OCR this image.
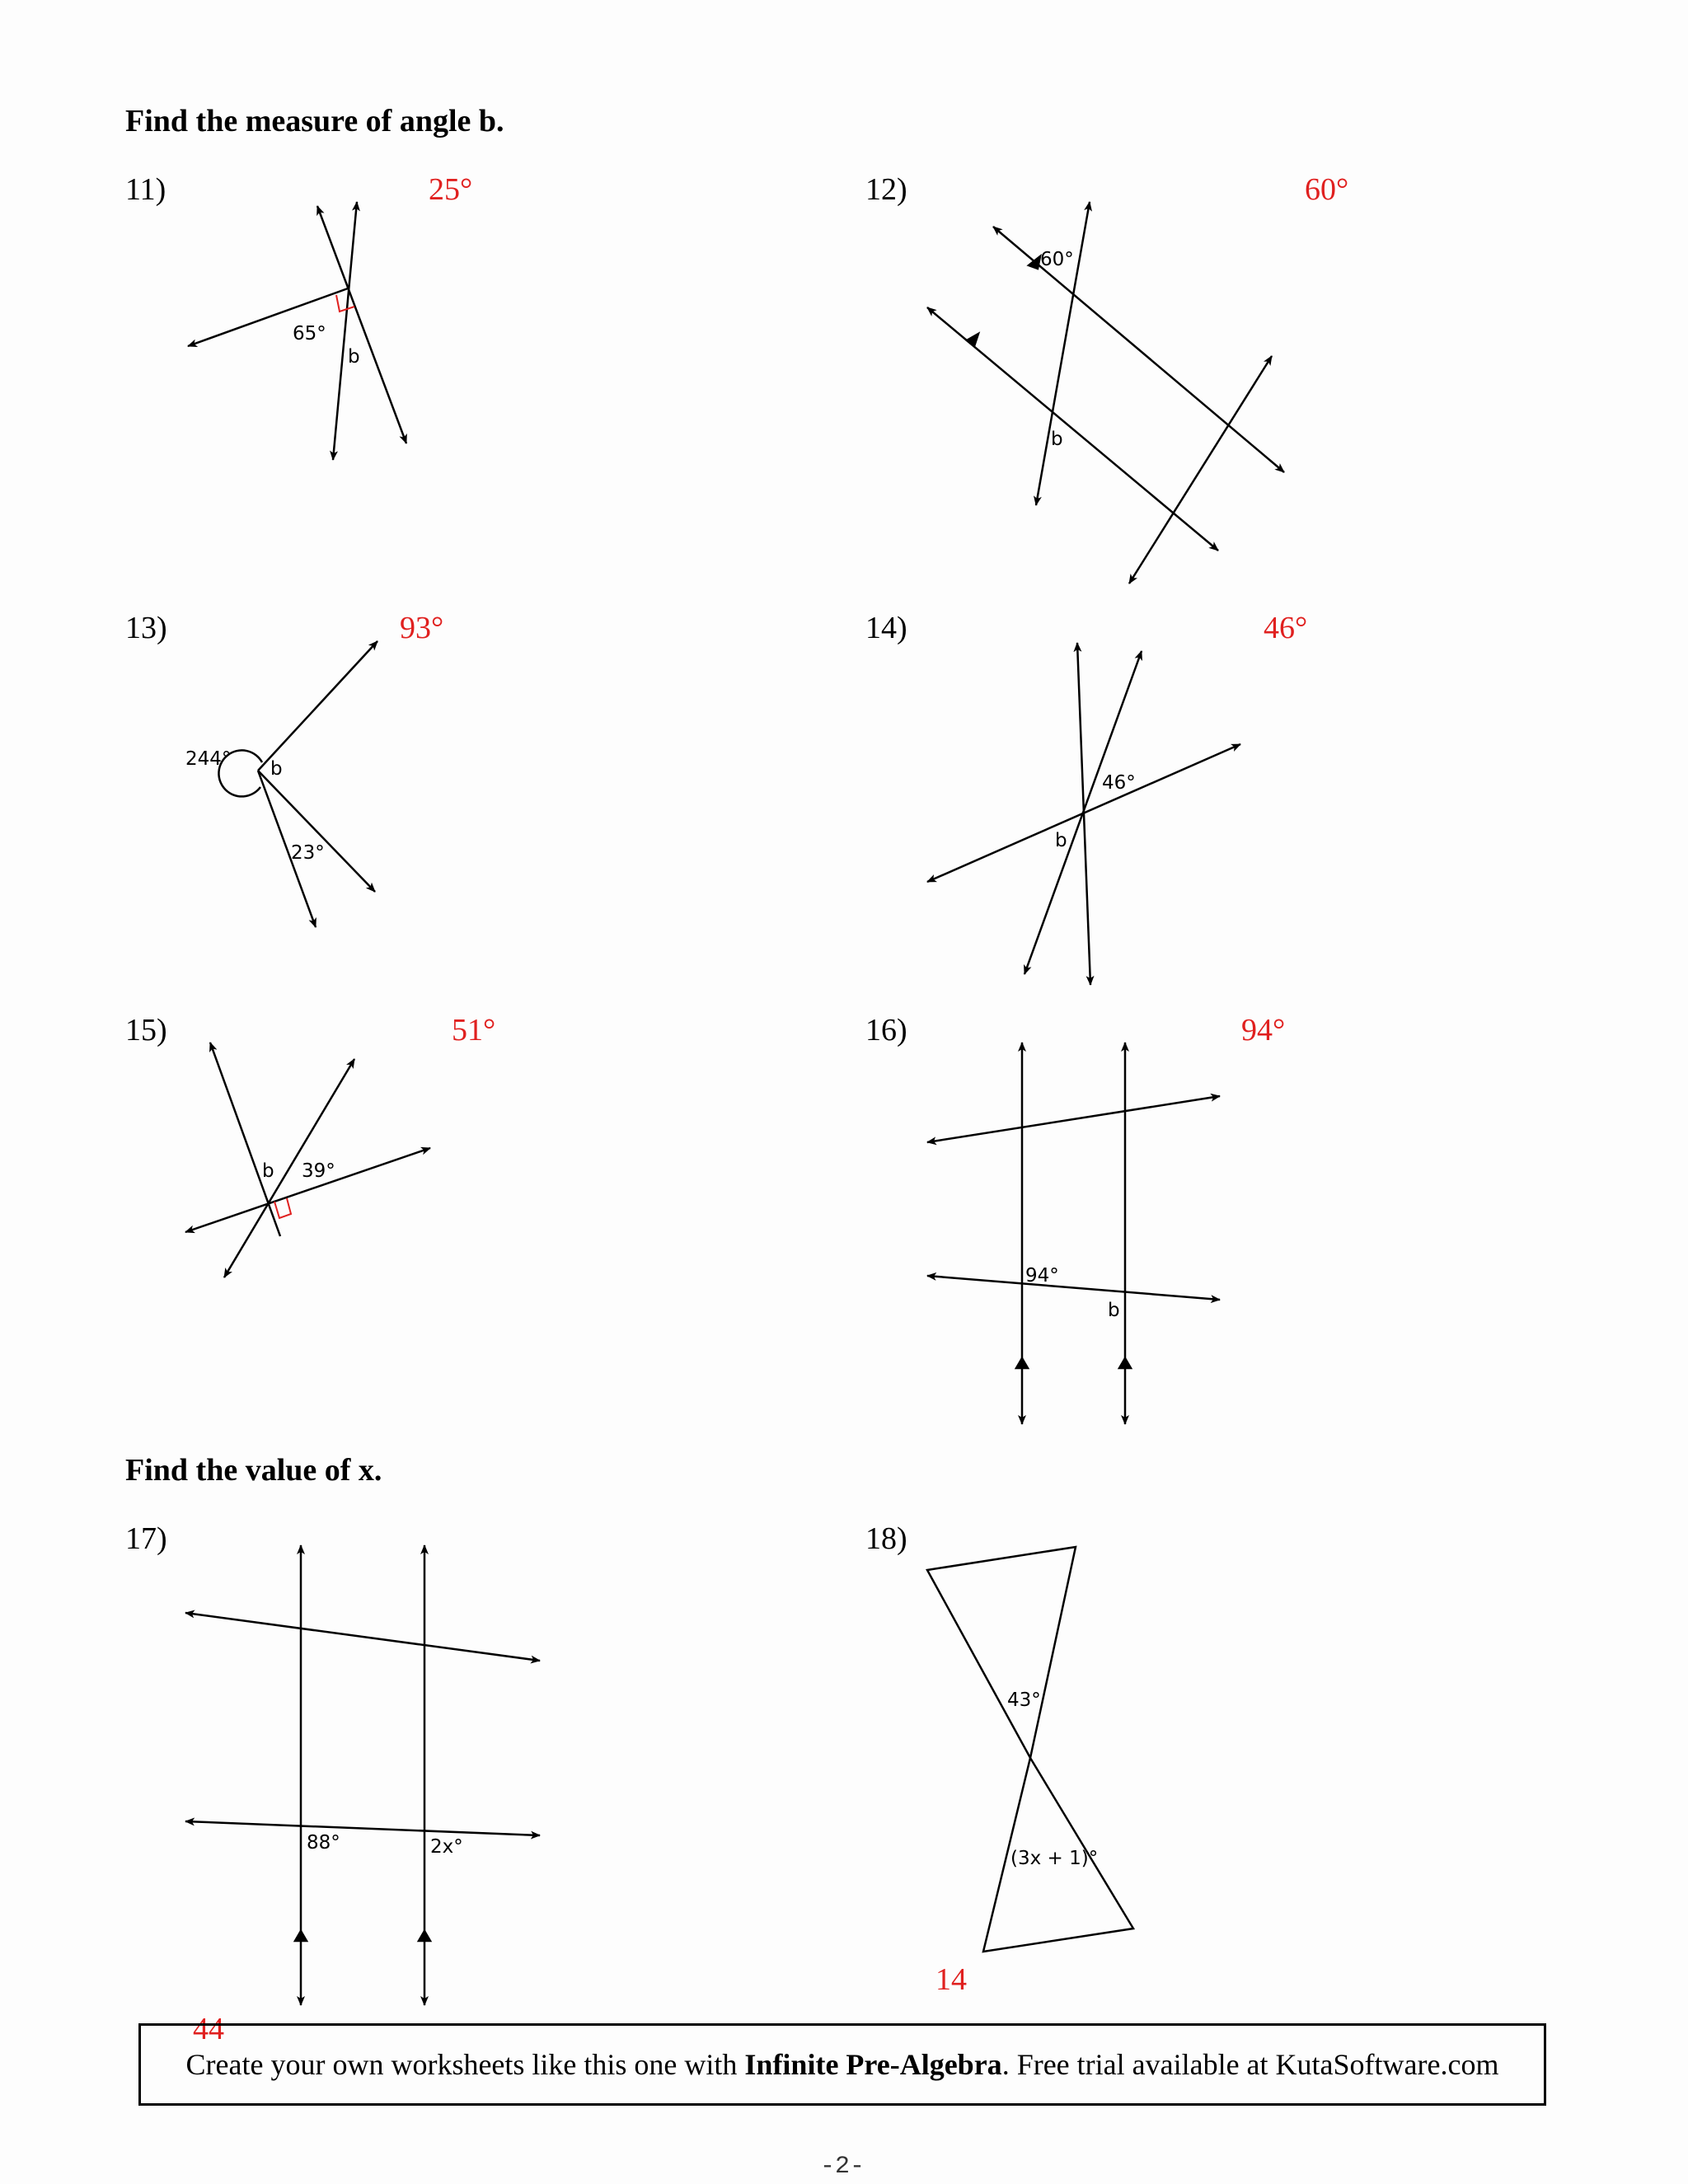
Find the measure of angle b.
Find the value of x.
11)	12)
13)	14)
15)	16)
17)	18)
25°	60°
93°	46°
51°	94°
44
14
65°
b
60°
b
244° b
23°
46°
b
b 39°
94°
b
88°	2x°
43°
(3x + 1)°
Create your own worksheets like this one with
Infinite Pre-Algebra . Free trial available at KutaSoftware.com
-2-
